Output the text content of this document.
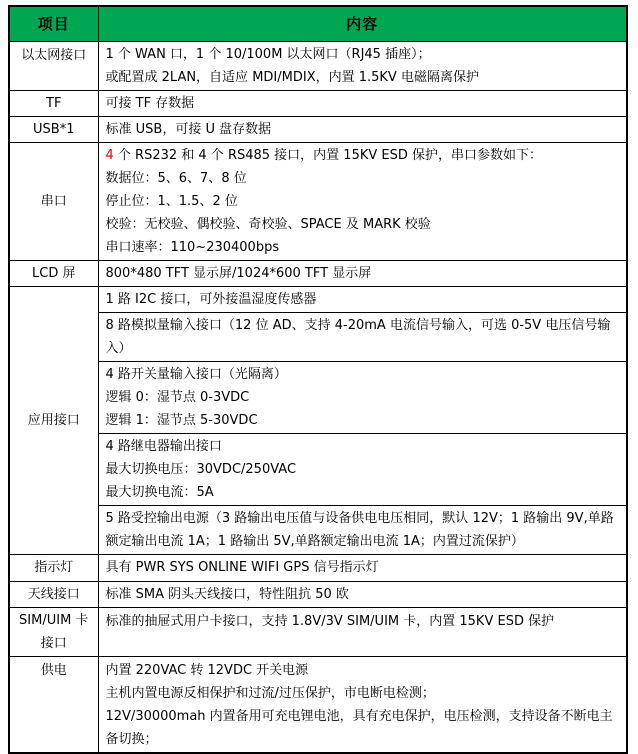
项目	内容
以太网接口	1 个 WAN 口，1 个 10/100M 以太网口（RJ45 插座）；
或配置成 2LAN，自适应 MDI/MDIX，内置 1.5KV 电磁隔离保护

TF	可接 TF 存数据
USB*1	标准 USB，可接 U 盘存数据
串口	4 个 RS232 和 4 个 RS485 接口，内置 15KV ESD 保护，串口参数如下：
数据位：5、6、7、8 位
停止位：1、1.5、2 位
校验：无校验、偶校验、奇校验、SPACE 及 MARK 校验
串口速率：110~230400bps

LCD 屏	800*480 TFT 显示屏/1024*600 TFT 显示屏
应用接口	1 路 I2C 接口，可外接温湿度传感器
	8 路模拟量输入接口（12 位 AD、支持 4-20mA 电流信号输入，可选 0-5V 电压信号输入）

	4 路开关量输入接口（光隔离）
逻辑 0：湿节点 0-3VDC
逻辑 1：湿节点 5-30VDC

	4 路继电器输出接口
最大切换电压：30VDC/250VAC
最大切换电流：5A

	5 路受控输出电源（3 路输出电压值与设备供电电压相同，默认 12V；1 路输出 9V,单路额定输出电流 1A；1 路输出 5V,单路额定输出电流 1A；内置过流保护）
指示灯	具有 PWR SYS ONLINE WIFI GPS 信号指示灯
天线接口	标准 SMA 阴头天线接口，特性阻抗 50 欧

SIM/UIM 卡
接口	标准的抽屉式用户卡接口，支持 1.8V/3V SIM/UIM 卡，内置 15KV ESD 保护
供电	内置 220VAC 转 12VDC 开关电源
主机内置电源反相保护和过流/过压保护，市电断电检测；
12V/30000mah 内置备用可充电锂电池，具有充电保护，电压检测，支持设备不断电主备切换；
